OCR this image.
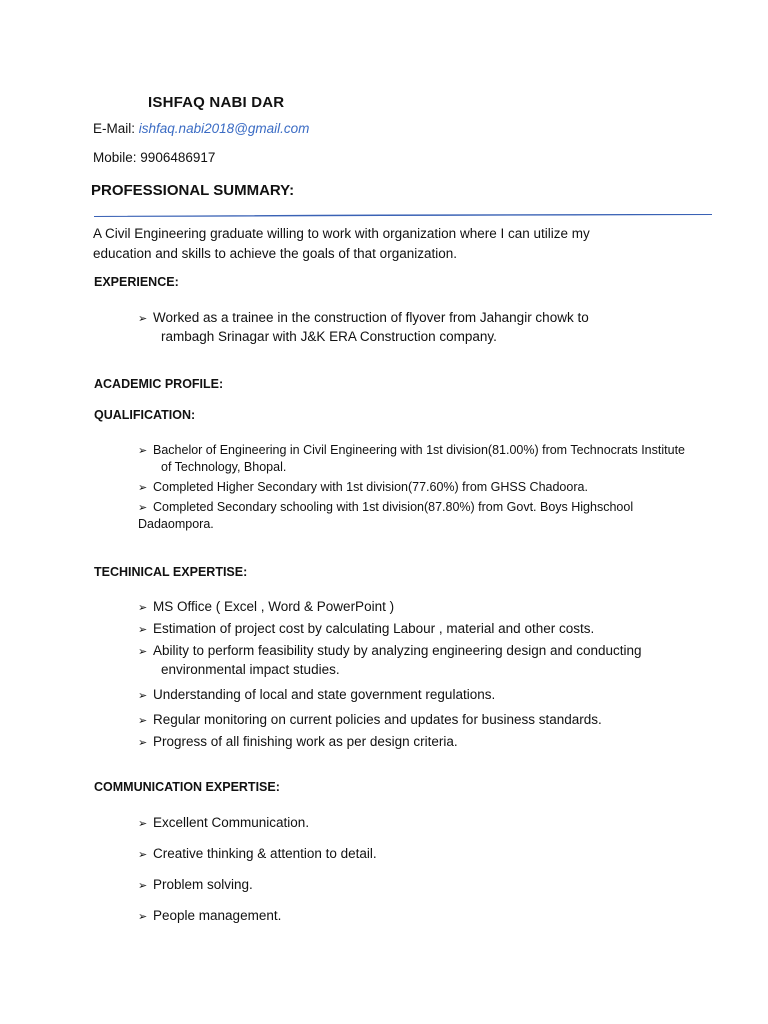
ISHFAQ NABI DAR
E-Mail: ishfaq.nabi2018@gmail.com
Mobile: 9906486917
PROFESSIONAL SUMMARY:
A Civil Engineering graduate willing to work with organization where I can utilize my
education and skills to achieve the goals of that organization.
EXPERIENCE:
➢ Worked as a trainee in the construction of flyover from Jahangir chowk to
rambagh Srinagar with J&K ERA Construction company.
ACADEMIC PROFILE:
QUALIFICATION:
➢ Bachelor of Engineering in Civil Engineering with 1st division(81.00%) from Technocrats Institute
of Technology, Bhopal.
➢ Completed Higher Secondary with 1st division(77.60%) from GHSS Chadoora.
➢ Completed Secondary schooling with 1st division(87.80%) from Govt. Boys Highschool
Dadaompora.
TECHINICAL EXPERTISE:
➢ MS Office ( Excel , Word & PowerPoint )
➢ Estimation of project cost by calculating Labour , material and other costs.
➢ Ability to perform feasibility study by analyzing engineering design and conducting
environmental impact studies.
➢ Understanding of local and state government regulations.
➢ Regular monitoring on current policies and updates for business standards.
➢ Progress of all finishing work as per design criteria.
COMMUNICATION EXPERTISE:
➢ Excellent Communication.
➢ Creative thinking & attention to detail.
➢ Problem solving.
➢ People management.
